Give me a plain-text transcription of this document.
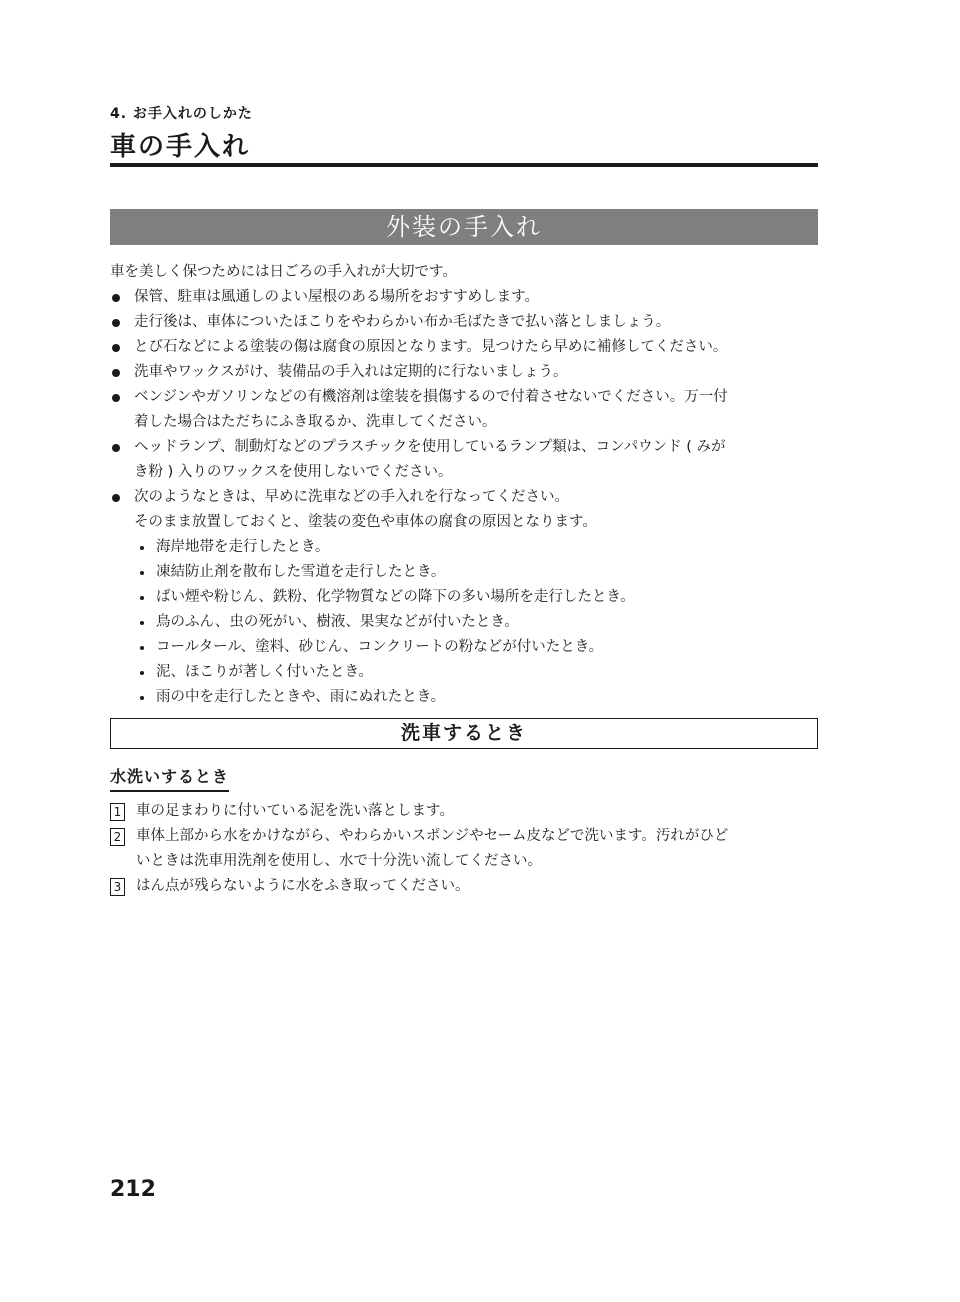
4. お手入れのしかた
車の手入れ
外装の手入れ
車を美しく保つためには日ごろの手入れが大切です。
保管、駐車は風通しのよい屋根のある場所をおすすめします。
走行後は、車体についたほこりをやわらかい布か毛ばたきで払い落としましょう。
とび石などによる塗装の傷は腐食の原因となります。見つけたら早めに補修してください。
洗車やワックスがけ、装備品の手入れは定期的に行ないましょう。
ベンジンやガソリンなどの有機溶剤は塗装を損傷するので付着させないでください。万一付
着した場合はただちにふき取るか、洗車してください。
ヘッドランプ、制動灯などのプラスチックを使用しているランプ類は、コンパウンド ( みが
き粉 ) 入りのワックスを使用しないでください。
次のようなときは、早めに洗車などの手入れを行なってください。
そのまま放置しておくと、塗装の変色や車体の腐食の原因となります。
海岸地帯を走行したとき。
凍結防止剤を散布した雪道を走行したとき。
ばい煙や粉じん、鉄粉、化学物質などの降下の多い場所を走行したとき。
鳥のふん、虫の死がい、樹液、果実などが付いたとき。
コールタール、塗料、砂じん、コンクリートの粉などが付いたとき。
泥、ほこりが著しく付いたとき。
雨の中を走行したときや、雨にぬれたとき。
洗車するとき
水洗いするとき
1 車の足まわりに付いている泥を洗い落とします。
2 車体上部から水をかけながら、やわらかいスポンジやセーム皮などで洗います。汚れがひど
いときは洗車用洗剤を使用し、水で十分洗い流してください。
3 はん点が残らないように水をふき取ってください。
212
